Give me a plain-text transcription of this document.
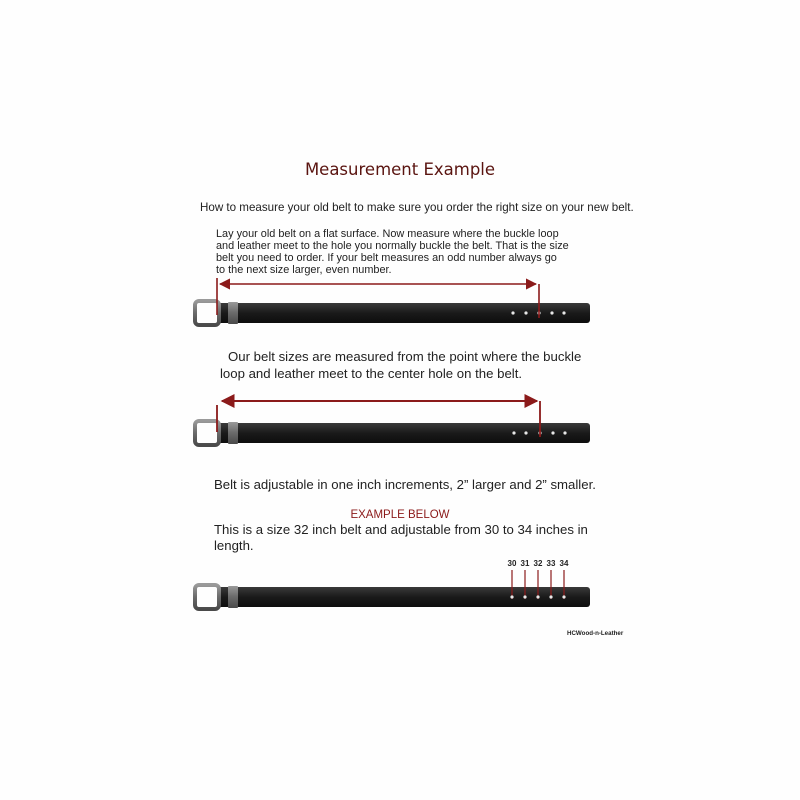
Measurement Example
How to measure your old belt to make sure you order the right size on your new belt.
Lay your old belt on a flat surface. Now measure where the buckle loop
and leather meet to the hole you normally buckle the belt. That is the size
belt you need to order. If your belt measures an odd number always go
to the next size larger, even number.
Our belt sizes are measured from the point where the buckle
loop and leather meet to the center hole on the belt.
Belt is adjustable in one inch increments, 2” larger and 2” smaller.
EXAMPLE BELOW
This is a size 32 inch belt and adjustable from 30 to 34 inches in
length.
HCWood-n-Leather
30 31 32 33 34
